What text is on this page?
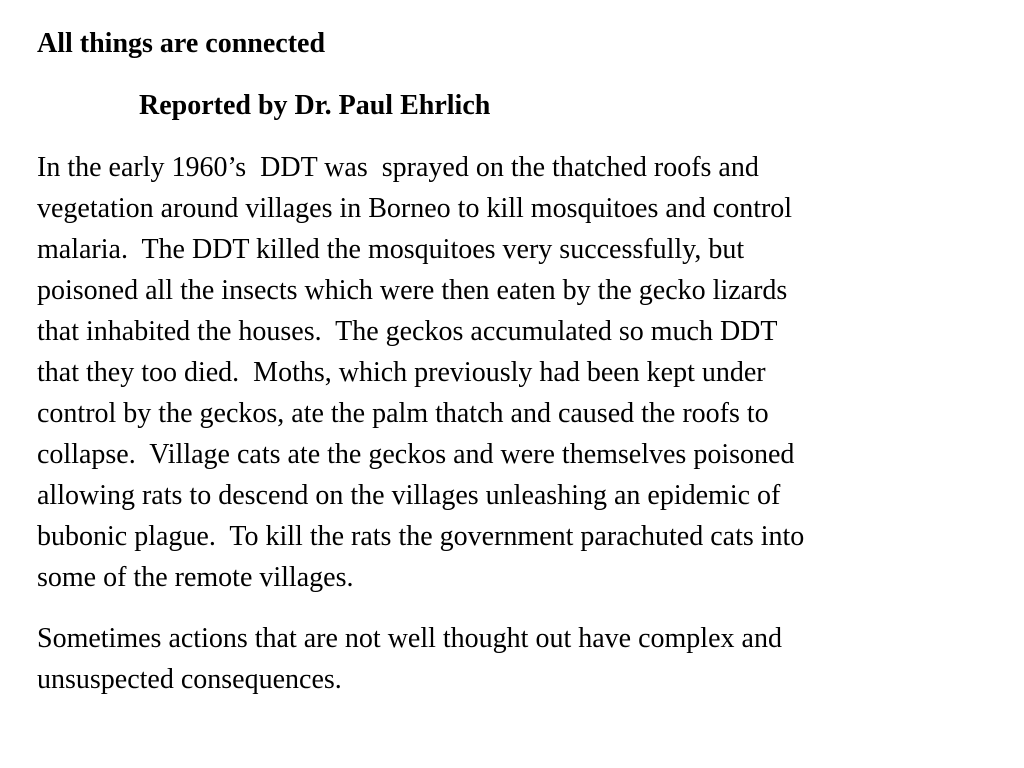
All things are connected
Reported by Dr. Paul Ehrlich

In the early 1960’s  DDT was  sprayed on the thatched roofs and
vegetation around villages in Borneo to kill mosquitoes and control
malaria.  The DDT killed the mosquitoes very successfully, but
poisoned all the insects which were then eaten by the gecko lizards
that inhabited the houses.  The geckos accumulated so much DDT
that they too died.  Moths, which previously had been kept under
control by the geckos, ate the palm thatch and caused the roofs to
collapse.  Village cats ate the geckos and were themselves poisoned
allowing rats to descend on the villages unleashing an epidemic of
bubonic plague.  To kill the rats the government parachuted cats into
some of the remote villages.

Sometimes actions that are not well thought out have complex and
unsuspected consequences.
